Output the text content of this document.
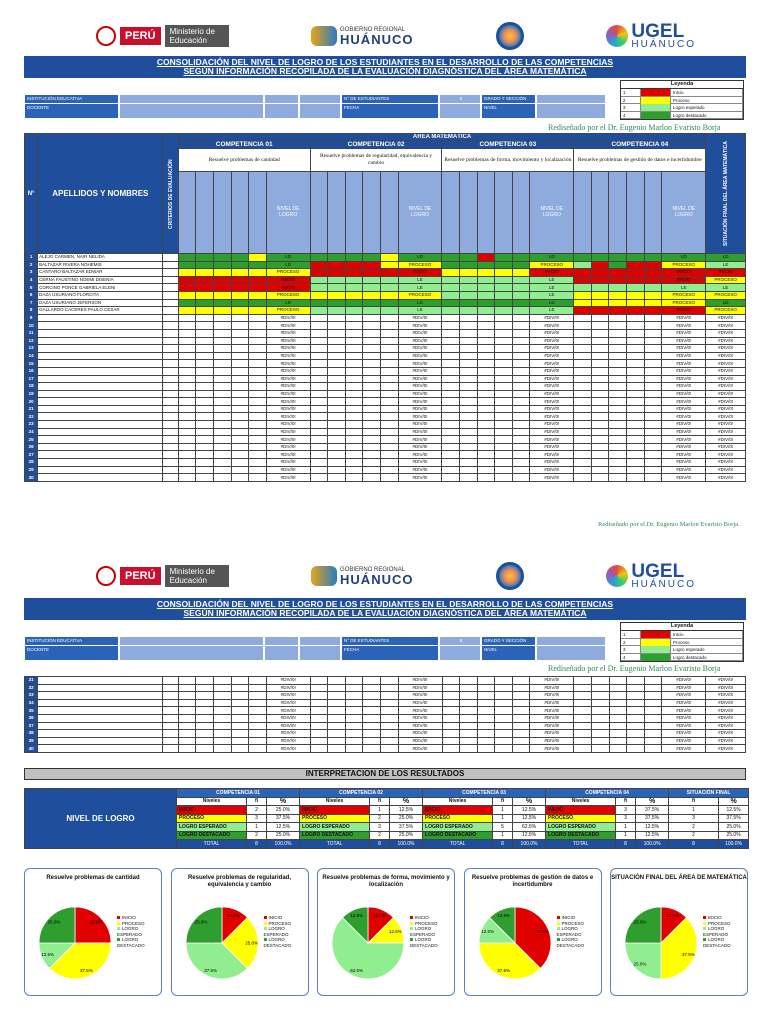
PERÚ	Ministerio de Educación
GOBIERNO REGIONAL
HUÁNUCO	UGEL
HUÁNUCO
CONSOLIDACIÓN DEL NIVEL DE LOGRO DE LOS ESTUDIANTES EN EL DESARROLLO DE LAS COMPETENCIAS
SEGÚN INFORMACIÓN RECOPILADA DE LA EVALUACIÓN DIAGNÓSTICA DEL ÁREA MATEMÁTICA
INSTITUCIÓN EDUCATIVA	N° DE ESTUDIANTES	8	GRADO Y SECCIÓN
DOCENTE	FECHA	NIVEL
Leyenda
1	Inicio
2	Proceso
3	Logro esperado
4	Logro destacado
Rediseñado por el Dr. Eugenio Marlon Evaristo Borja
N°	APELLIDOS Y NOMBRES	CRITERIOS DE EVALUACIÓN	ÁREA MATEMÁTICA																								SITUACIÓN FINAL DEL ÁREA MATEMÁTICA

			COMPETENCIA 01						COMPETENCIA 02						COMPETENCIA 03						COMPETENCIA 04						
			Resuelve problemas de cantidad						Resuelve problemas de regularidad, equivalencia y cambio						Resuelve problemas de forma, movimiento y localización						Resuelve problemas de gestión de datos e incertidumbre						
								NIVEL DE LOGRO						NIVEL DE LOGRO						NIVEL DE LOGRO						NIVEL DE LOGRO	
1	ALEJO CARMEN, NAIR NELIDA							LD						LD						LD						LD	LD
2	BALTAZAR RIVERA NOHEMIS							LD						PROCESO						PROCESO						PROCESO	LE
3	CANTARO BALTAZAR EDWAR							PROCESO						INICIO						INICIO						INICIO	INICIO
4	CERNA FAUSTINO NOEMI DISENIA							INICIO						LE						LE						INICIO	PROCESO
5	CORCINO PONCE GABRIELA ELENI							INICIO						LE						LE						LE	LE
6	DAZA USURIANO FLORCITA							PROCESO						PROCESO						LE						PROCESO	PROCESO
7	DAZA USURIANO JEFERSON							LD						LD						LD						PROCESO	LD
8	GALLARDO CACERES PAULO CESAR							PROCESO						LE						LE						INICIO	PROCESO
9								#DIV/0!						#DIV/0!						#DIV/0!						#DIV/0!	#DIV/0!
10								#DIV/0!						#DIV/0!						#DIV/0!						#DIV/0!	#DIV/0!
11								#DIV/0!						#DIV/0!						#DIV/0!						#DIV/0!	#DIV/0!
12								#DIV/0!						#DIV/0!						#DIV/0!						#DIV/0!	#DIV/0!
13								#DIV/0!						#DIV/0!						#DIV/0!						#DIV/0!	#DIV/0!
14								#DIV/0!						#DIV/0!						#DIV/0!						#DIV/0!	#DIV/0!
15								#DIV/0!						#DIV/0!						#DIV/0!						#DIV/0!	#DIV/0!
16								#DIV/0!						#DIV/0!						#DIV/0!						#DIV/0!	#DIV/0!
17								#DIV/0!						#DIV/0!						#DIV/0!						#DIV/0!	#DIV/0!
18								#DIV/0!						#DIV/0!						#DIV/0!						#DIV/0!	#DIV/0!
19								#DIV/0!						#DIV/0!						#DIV/0!						#DIV/0!	#DIV/0!
20								#DIV/0!						#DIV/0!						#DIV/0!						#DIV/0!	#DIV/0!
21								#DIV/0!						#DIV/0!						#DIV/0!						#DIV/0!	#DIV/0!
22								#DIV/0!						#DIV/0!						#DIV/0!						#DIV/0!	#DIV/0!
23								#DIV/0!						#DIV/0!						#DIV/0!						#DIV/0!	#DIV/0!
24								#DIV/0!						#DIV/0!						#DIV/0!						#DIV/0!	#DIV/0!
25								#DIV/0!						#DIV/0!						#DIV/0!						#DIV/0!	#DIV/0!
26								#DIV/0!						#DIV/0!						#DIV/0!						#DIV/0!	#DIV/0!
27								#DIV/0!						#DIV/0!						#DIV/0!						#DIV/0!	#DIV/0!
28								#DIV/0!						#DIV/0!						#DIV/0!						#DIV/0!	#DIV/0!
29								#DIV/0!						#DIV/0!						#DIV/0!						#DIV/0!	#DIV/0!
30								#DIV/0!						#DIV/0!						#DIV/0!						#DIV/0!	#DIV/0!
Rediseñado por el Dr. Eugenio Marlon Evaristo Borja.
PERÚ	Ministerio de Educación
GOBIERNO REGIONAL
HUÁNUCO	UGEL
HUÁNUCO
CONSOLIDACIÓN DEL NIVEL DE LOGRO DE LOS ESTUDIANTES EN EL DESARROLLO DE LAS COMPETENCIAS
SEGÚN INFORMACIÓN RECOPILADA DE LA EVALUACIÓN DIAGNÓSTICA DEL ÁREA MATEMÁTICA
INSTITUCIÓN EDUCATIVA	N° DE ESTUDIANTES	8	GRADO Y SECCIÓN
DOCENTE	FECHA	NIVEL
Leyenda
1	Inicio
2	Proceso
3	Logro esperado
4	Logro destacado
Rediseñado por el Dr. Eugenio Marlon Evaristo Borja
31								#DIV/0!						#DIV/0!						#DIV/0!						#DIV/0!	#DIV/0!
32								#DIV/0!						#DIV/0!						#DIV/0!						#DIV/0!	#DIV/0!
33								#DIV/0!						#DIV/0!						#DIV/0!						#DIV/0!	#DIV/0!
34								#DIV/0!						#DIV/0!						#DIV/0!						#DIV/0!	#DIV/0!
35								#DIV/0!						#DIV/0!						#DIV/0!						#DIV/0!	#DIV/0!
36								#DIV/0!						#DIV/0!						#DIV/0!						#DIV/0!	#DIV/0!
37								#DIV/0!						#DIV/0!						#DIV/0!						#DIV/0!	#DIV/0!
38								#DIV/0!						#DIV/0!						#DIV/0!						#DIV/0!	#DIV/0!
39								#DIV/0!						#DIV/0!						#DIV/0!						#DIV/0!	#DIV/0!
40								#DIV/0!						#DIV/0!						#DIV/0!						#DIV/0!	#DIV/0!
INTERPRETACION DE LOS RESULTADOS
NIVEL DE LOGRO	COMPETENCIA 01			COMPETENCIA 02			COMPETENCIA 03			COMPETENCIA 04			SITUACIÓN FINAL	
	Niveles	fi	%	Niveles	fi	%	Niveles	fi	%	Niveles	fi	%	fi	%
	INICIO	2	25.0%	INICIO	1	12.5%	INICIO	1	12.5%	INICIO	3	37.5%	1	12.5%
	PROCESO	3	37.5%	PROCESO	2	25.0%	PROCESO	1	12.5%	PROCESO	3	37.5%	3	37.5%
	LOGRO ESPERADO	1	12.5%	LOGRO ESPERADO	3	37.5%	LOGRO ESPERADO	5	62.5%	LOGRO ESPERADO	1	12.5%	2	25.0%
	LOGRO DESTACADO	2	25.0%	LOGRO DESTACADO	2	25.0%	LOGRO DESTACADO	1	12.5%	LOGRO DESTACADO	1	12.5%	2	25.0%
	TOTAL	8	100.0%	TOTAL	8	100.0%	TOTAL	8	100.0%	TOTAL	8	100.0%	8	100.0%
Resuelve problemas de cantidad
25.0%
37.5%
12.5%
25.0%
INICIO
PROCESO
LOGRO ESPERADO
LOGRO DESTACADO
Resuelve problemas de regularidad, equivalencia y cambio
12.5%
25.0%
37.5%
25.0%
INICIO
PROCESO
LOGRO ESPERADO
LOGRO DESTACADO
Resuelve problemas de forma, movimiento y localización
12.5%
12.5%
62.5%
12.5%	INICIO
PROCESO
LOGRO ESPERADO
LOGRO DESTACADO
Resuelve problemas de gestión de datos e incertidumbre
37.5%
37.5%
12.5%
12.5%	INICIO
PROCESO
LOGRO ESPERADO
LOGRO DESTACADO
SITUACIÓN FINAL DEL ÁREA DE MATEMÁTICA
12.5%
37.5%
25.0%
25.0%
INICIO
PROCESO
LOGRO ESPERADO
LOGRO DESTACADO
